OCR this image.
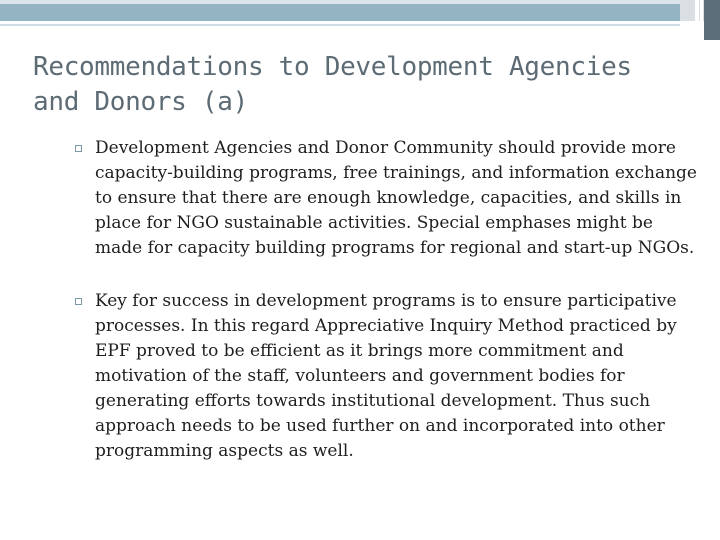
Recommendations to Development Agencies
and Donors (a)
Development Agencies and Donor Community should provide more capacity-building programs, free trainings, and information exchange to ensure that there are enough knowledge, capacities, and skills in place for NGO sustainable activities. Special emphases might be made for capacity building programs for regional and start-up NGOs.
Key for success in development programs is to ensure participative processes. In this regard Appreciative Inquiry Method practiced by EPF proved to be efficient as it brings more commitment and motivation of the staff, volunteers and government bodies for generating efforts towards institutional development. Thus such approach needs to be used further on and incorporated into other programming aspects as well.
